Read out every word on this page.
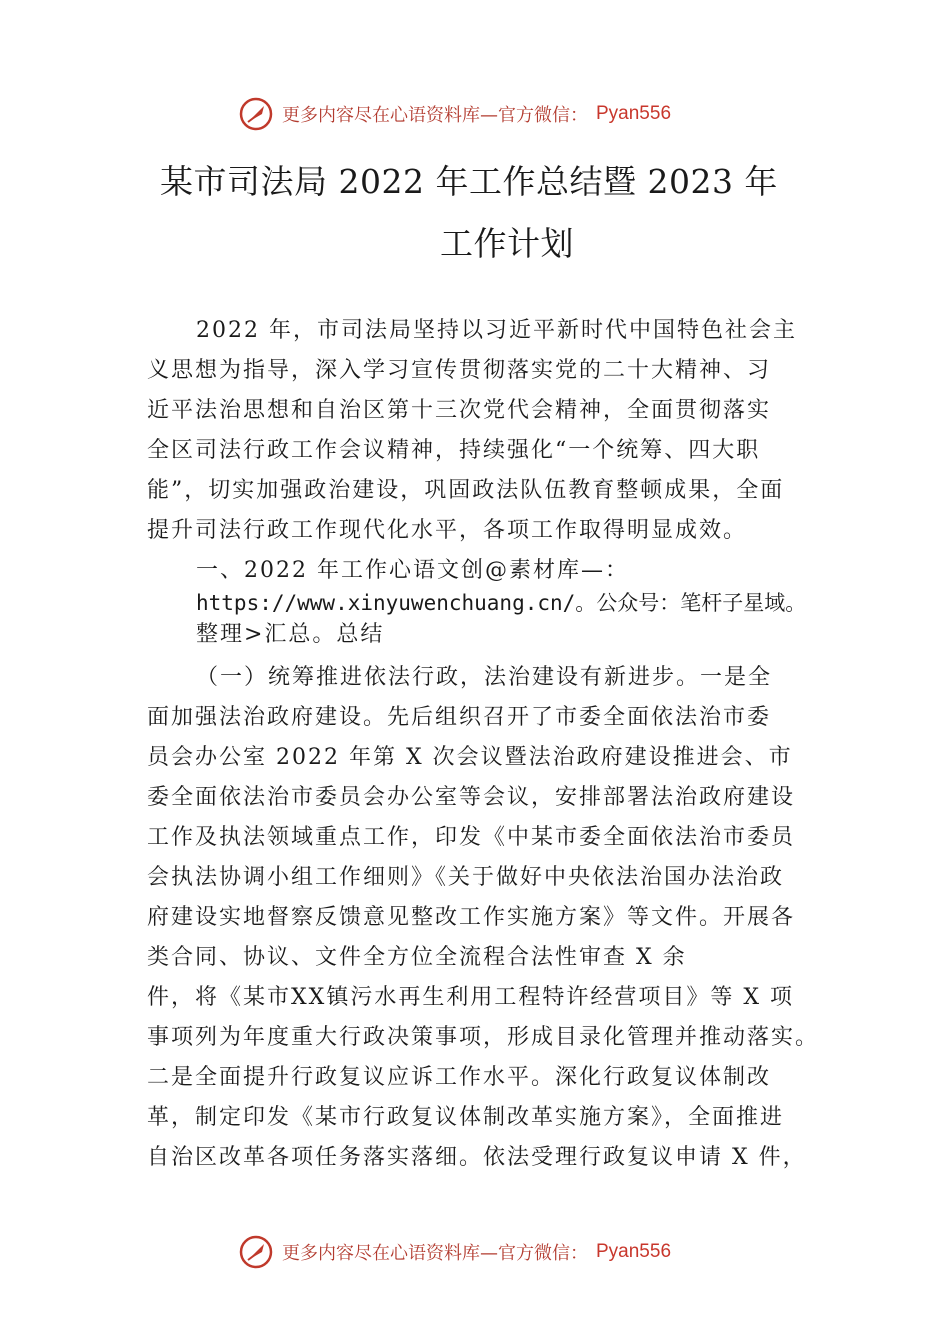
更多内容尽在心语资料库—官方微信： Pyan556
某市司法局 2022 年工作总结暨 2023 年
工作计划
2022 年，市司法局坚持以习近平新时代中国特色社会主
义思想为指导，深入学习宣传贯彻落实党的二十大精神、习
近平法治思想和自治区第十三次党代会精神，全面贯彻落实
全区司法行政工作会议精神，持续强化“一个统筹、四大职
能”，切实加强政治建设，巩固政法队伍教育整顿成果，全面
提升司法行政工作现代化水平，各项工作取得明显成效。
一、2022 年工作心语文创@素材库—：
https://www.xinyuwenchuang.cn/。公众号：笔杆子星域。
整理>汇总。总结
（一）统筹推进依法行政，法治建设有新进步。一是全
面加强法治政府建设。先后组织召开了市委全面依法治市委
员会办公室 2022 年第 X 次会议暨法治政府建设推进会、市
委全面依法治市委员会办公室等会议，安排部署法治政府建设
工作及执法领域重点工作，印发《中某市委全面依法治市委员
会执法协调小组工作细则》《关于做好中央依法治国办法治政
府建设实地督察反馈意见整改工作实施方案》等文件。开展各
类合同、协议、文件全方位全流程合法性审查 X 余
件，将《某市XX镇污水再生利用工程特许经营项目》等 X 项
事项列为年度重大行政决策事项，形成目录化管理并推动落实。
二是全面提升行政复议应诉工作水平。深化行政复议体制改
革，制定印发《某市行政复议体制改革实施方案》，全面推进
自治区改革各项任务落实落细。依法受理行政复议申请 X 件，
更多内容尽在心语资料库—官方微信： Pyan556
